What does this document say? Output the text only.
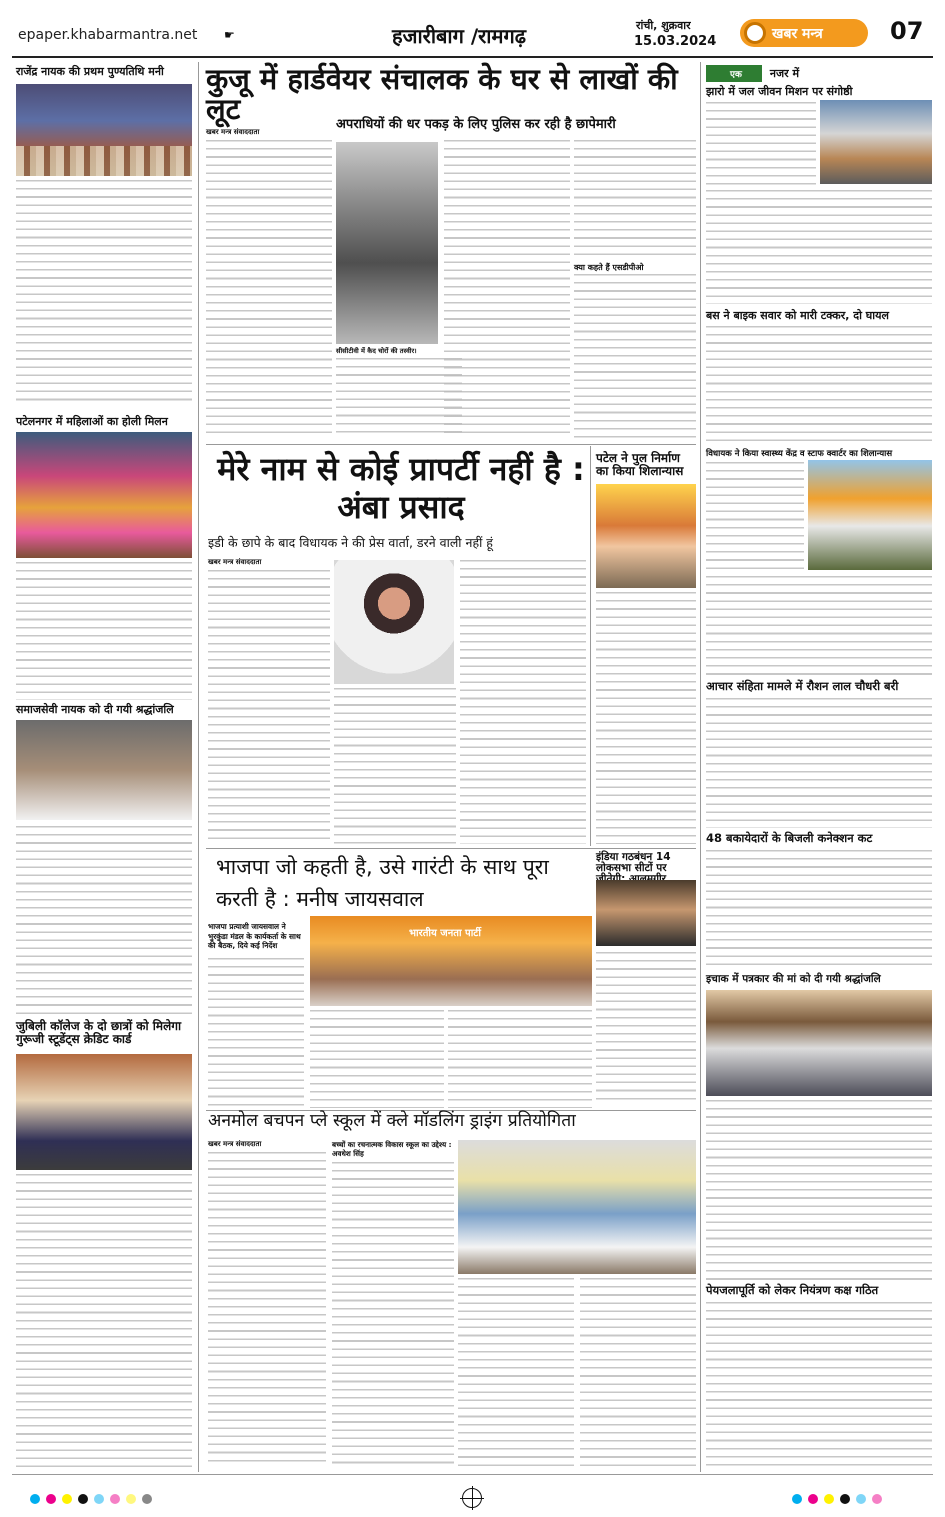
epaper.khabarmantra.net ☛	हजारीबाग /रामगढ़	रांची, शुक्रवार
15.03.2024	खबर मन्त्र	07
राजेंद्र नायक की प्रथम पुण्यतिथि मनी
पटेलनगर में महिलाओं का होली मिलन
समाजसेवी नायक को दी गयी श्रद्धांजलि
जुबिली कॉलेज के दो छात्रों को मिलेगा गुरूजी स्टूडेंट्स क्रेडिट कार्ड
कुजू में हार्डवेयर संचालक के घर से लाखों की लूट	अपराधियों की धर पकड़ के लिए पुलिस कर रही है छापेमारी
खबर मन्त्र संवाददाता
सीसीटीवी में कैद चोरों की तस्वीर।
क्या कहते हैं एसडीपीओ
मेरे नाम से कोई प्रापर्टी नहीं है : अंबा प्रसाद
इडी के छापे के बाद विधायक ने की प्रेस वार्ता, डरने वाली नहीं हूं
खबर मन्त्र संवाददाता
पटेल ने पुल निर्माण का किया शिलान्यास
भाजपा जो कहती है, उसे गारंटी के साथ पूरा करती है : मनीष जायसवाल
इंडिया गठबंधन 14 लोकसभा सीटों पर
भाजपा प्रत्याशी जायसवाल ने भुरकुंडा मंडल के कार्यकर्ता के साथ की बैठक, दिये कई निर्देश
भारतीय जनता पार्टी
अनमोल बचपन प्ले स्कूल में क्ले मॉडलिंग ड्राइंग प्रतियोगिता
खबर मन्त्र संवाददाता	बच्चों का रचनात्मक विकास स्कूल का उद्देश्य : अवधेश सिंह
एक	नजर में
झारो में जल जीवन मिशन पर संगोष्ठी
बस ने बाइक सवार को मारी टक्कर, दो घायल
विधायक ने किया स्वास्थ्य केंद्र व स्टाफ क्वार्टर का शिलान्यास
आचार संहिता मामले में रौशन लाल चौधरी बरी
48 बकायेदारों के बिजली कनेक्शन कट
इचाक में पत्रकार की मां को दी गयी श्रद्धांजलि
पेयजलापूर्ति को लेकर नियंत्रण कक्ष गठित
